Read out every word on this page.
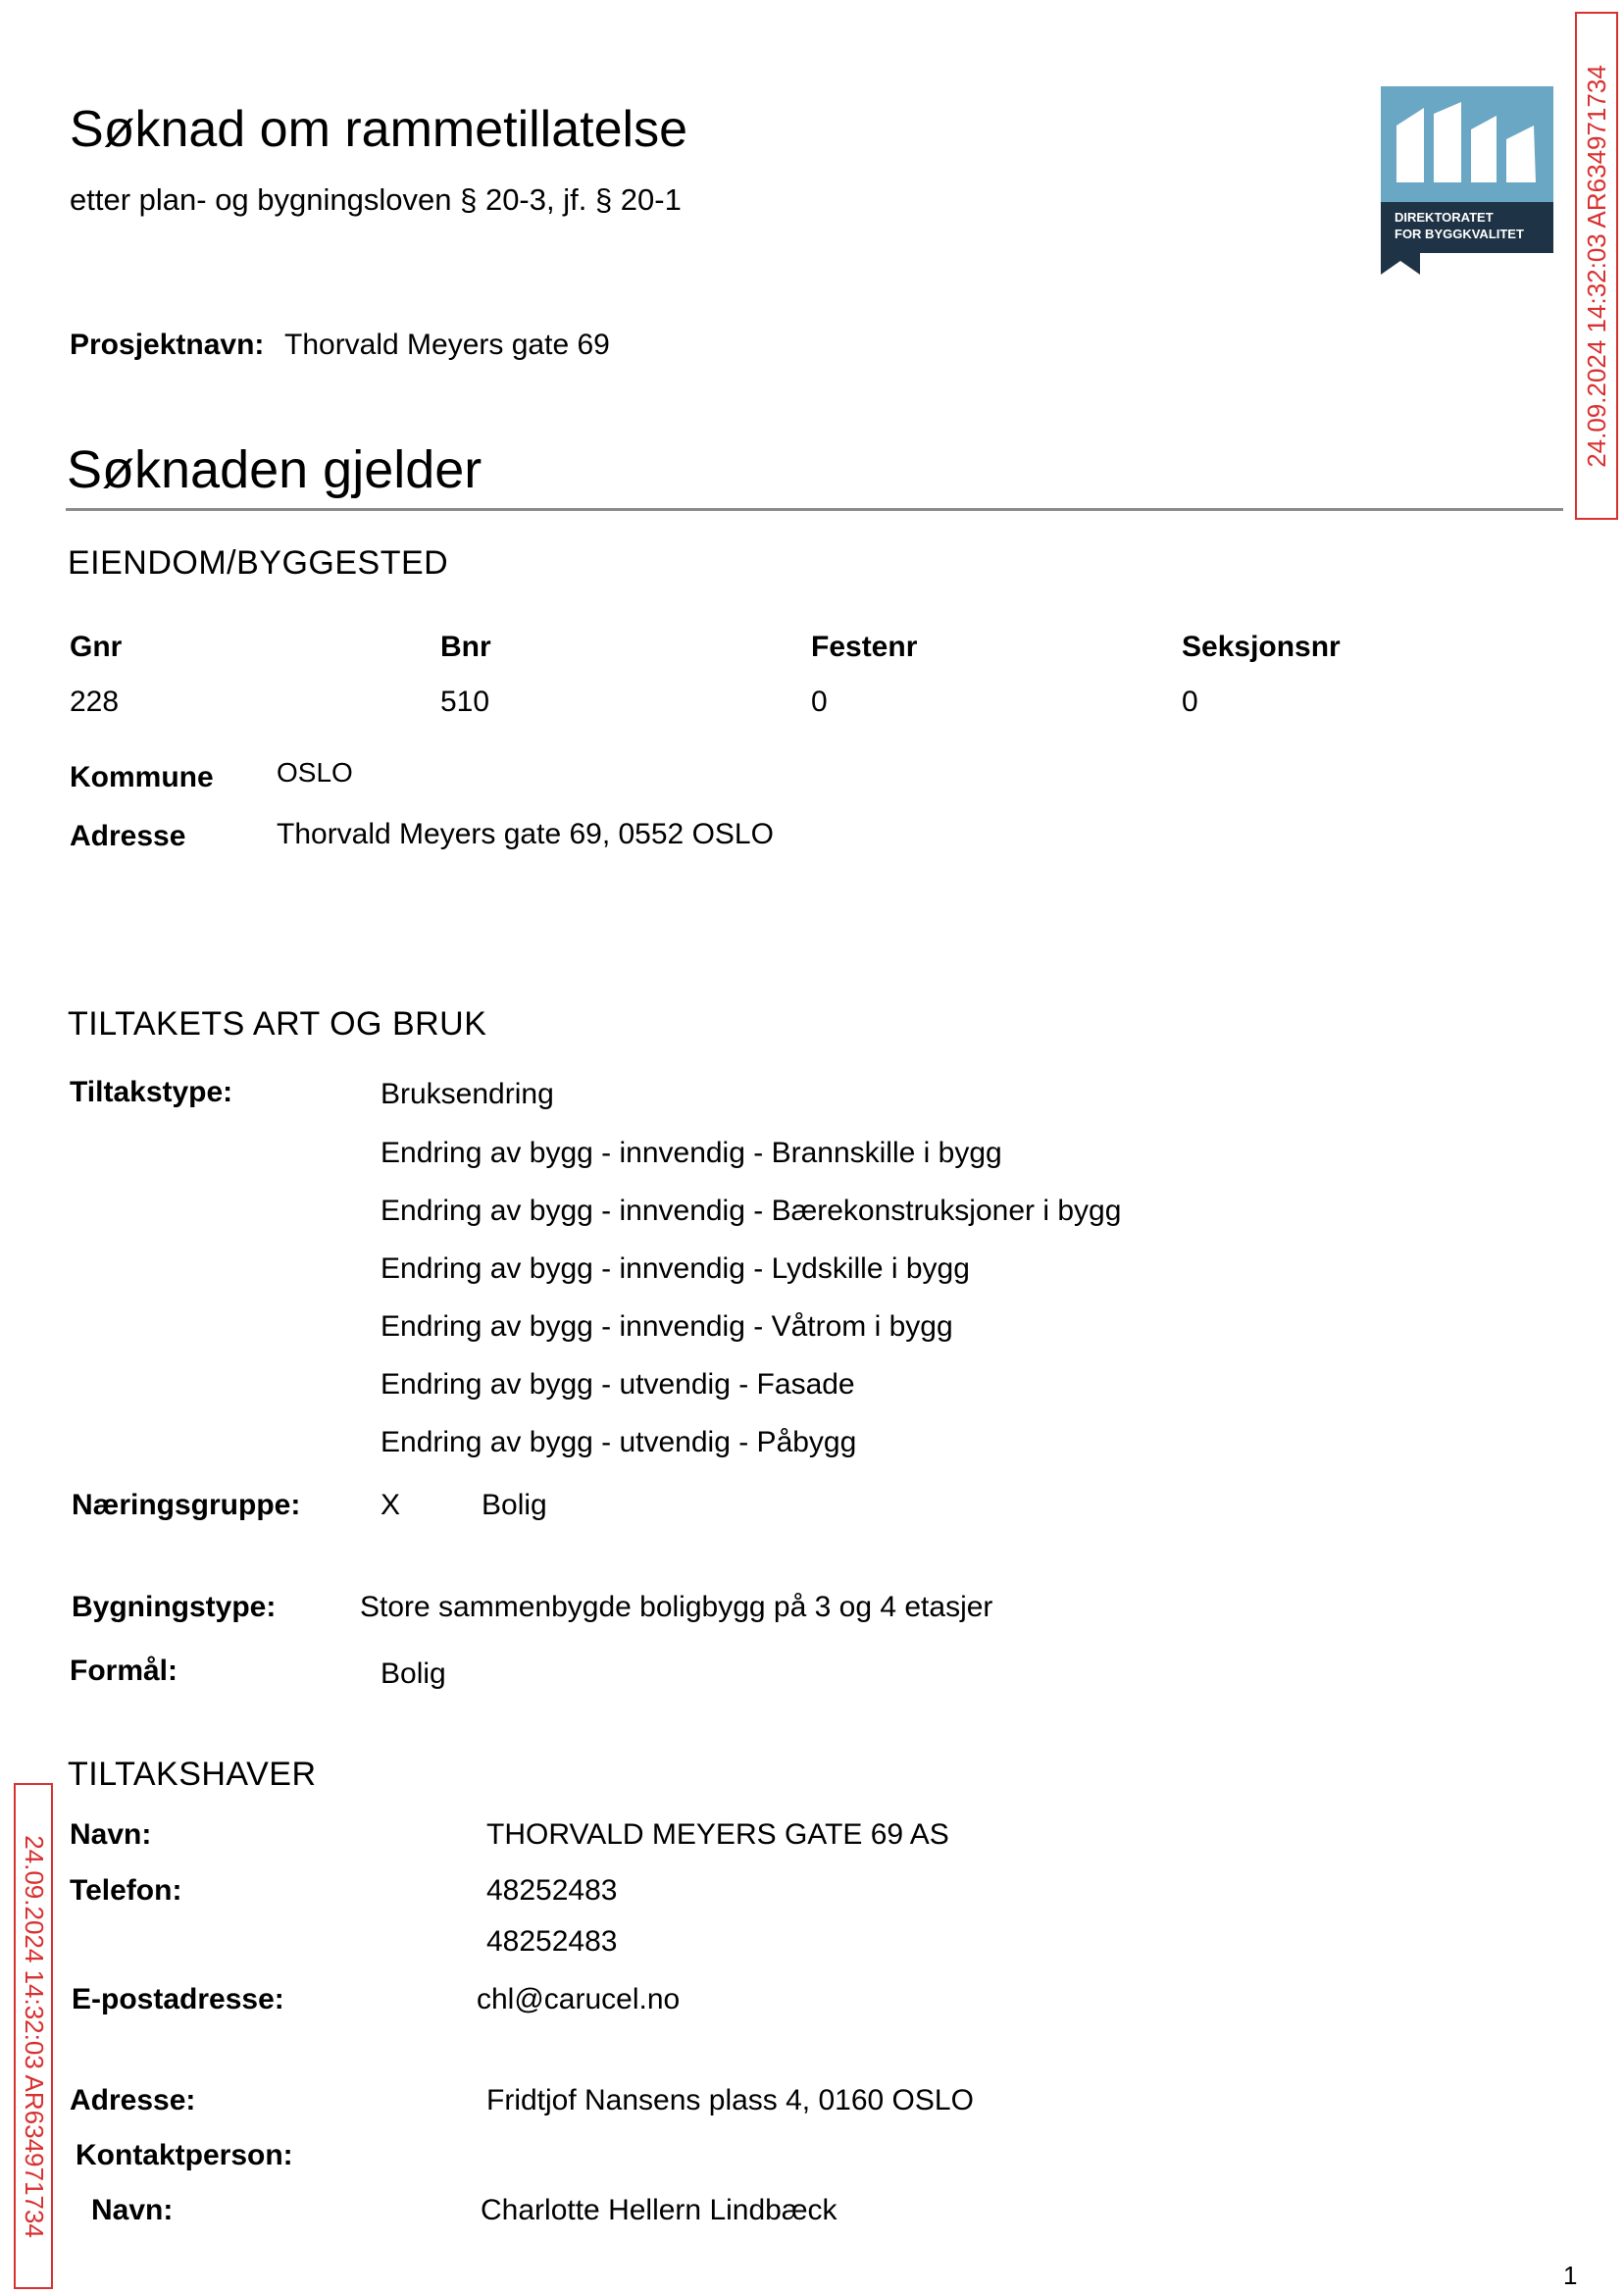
Søknad om rammetillatelse
etter plan- og bygningsloven § 20-3, jf. § 20-1
DIREKTORATET
FOR BYGGKVALITET 24.09.2024 14:32:03 AR634971734
24.09.2024 14:32:03 AR634971734
Prosjektnavn: Thorvald Meyers gate 69
Søknaden gjelder
EIENDOM/BYGGESTED
Gnr	Bnr	Festenr	Seksjonsnr
228	510	0	0
Kommune OSLO
Adresse	Thorvald Meyers gate 69, 0552 OSLO
TILTAKETS ART OG BRUK
Tiltakstype:	Bruksendring
Endring av bygg - innvendig - Brannskille i bygg
Endring av bygg - innvendig - Bærekonstruksjoner i bygg
Endring av bygg - innvendig - Lydskille i bygg
Endring av bygg - innvendig - Våtrom i bygg
Endring av bygg - utvendig - Fasade
Endring av bygg - utvendig - Påbygg
Næringsgruppe:	X	Bolig
Bygningstype:	Store sammenbygde boligbygg på 3 og 4 etasjer
Formål:	Bolig
TILTAKSHAVER
Navn:	THORVALD MEYERS GATE 69 AS
Telefon:	48252483
48252483
E-postadresse:	chl@carucel.no
Adresse:	Fridtjof Nansens plass 4, 0160 OSLO
Kontaktperson:
Navn:	Charlotte Hellern Lindbæck
1
